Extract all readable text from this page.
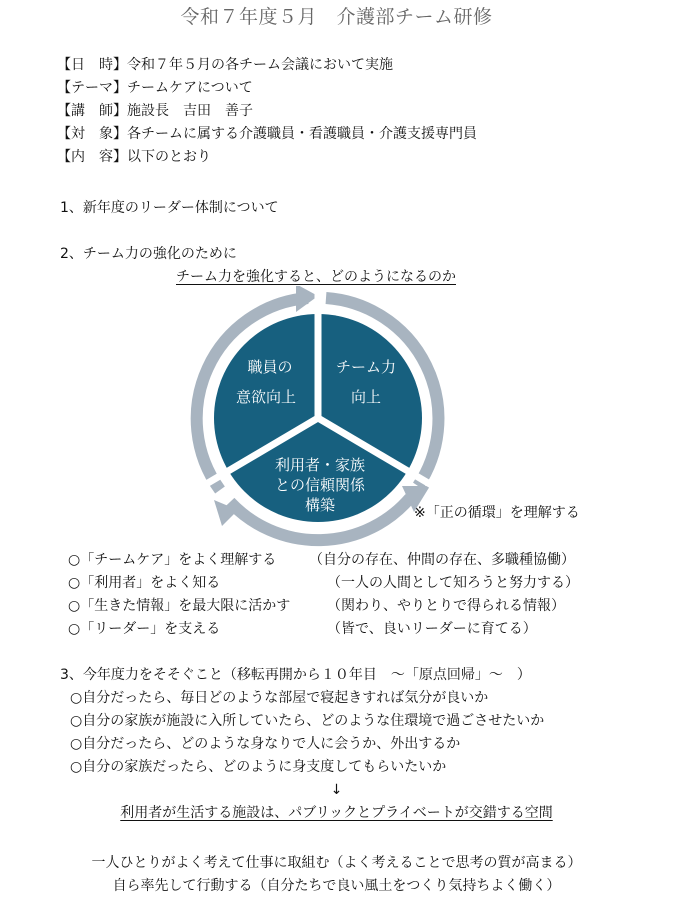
令和７年度５月　介護部チーム研修
【日　時】令和７年５月の各チーム会議において実施
【テーマ】チームケアについて
【講　師】施設長　吉田　善子
【対　象】各チームに属する介護職員・看護職員・介護支援専門員
【内　容】以下のとおり
1、新年度のリーダー体制について
2、チーム力の強化のために
チーム力を強化すると、どのようになるのか
職員の
意欲向上
チーム力
向上
利用者・家族
との信頼関係
構築	※「正の循環」を理解する
○「チームケア」をよく理解する （自分の存在、仲間の存在、多職種協働）
○「利用者」をよく知る	（一人の人間として知ろうと努力する）
○「生きた情報」を最大限に活かす	（関わり、やりとりで得られる情報）
○「リーダー」を支える	（皆で、良いリーダーに育てる）
3、今年度力をそそぐこと（移転再開から１０年目　～「原点回帰」～　）
○自分だったら、毎日どのような部屋で寝起きすれば気分が良いか
○自分の家族が施設に入所していたら、どのような住環境で過ごさせたいか
○自分だったら、どのような身なりで人に会うか、外出するか
○自分の家族だったら、どのように身支度してもらいたいか
↓
利用者が生活する施設は、パブリックとプライベートが交錯する空間
一人ひとりがよく考えて仕事に取組む（よく考えることで思考の質が高まる）
自ら率先して行動する（自分たちで良い風土をつくり気持ちよく働く）
